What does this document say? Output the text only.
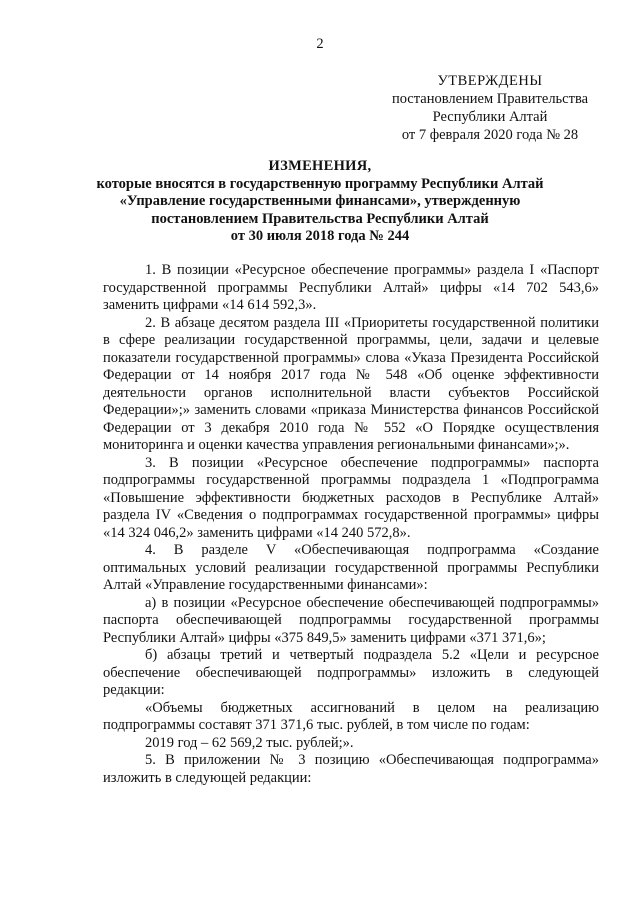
2
УТВЕРЖДЕНЫ
постановлением Правительства
Республики Алтай
от 7 февраля 2020 года № 28
ИЗМЕНЕНИЯ,
которые вносятся в государственную программу Республики Алтай
«Управление государственными финансами», утвержденную
постановлением Правительства Республики Алтай
от 30 июля 2018 года № 244

1. В позиции «Ресурсное обеспечение программы» раздела I «Паспорт государственной программы Республики Алтай» цифры «14 702 543,6» заменить цифрами «14 614 592,3».

2. В абзаце десятом раздела III «Приоритеты государственной политики в сфере реализации государственной программы, цели, задачи и целевые показатели государственной программы» слова «Указа Президента Российской Федерации от 14 ноября 2017 года № 548 «Об оценке эффективности деятельности органов исполнительной власти субъектов Российской Федерации»;» заменить словами «приказа Министерства финансов Российской Федерации от 3 декабря 2010 года № 552 «О Порядке осуществления мониторинга и оценки качества управления региональными финансами»;».

3. В позиции «Ресурсное обеспечение подпрограммы» паспорта подпрограммы государственной программы подраздела 1 «Подпрограмма «Повышение эффективности бюджетных расходов в Республике Алтай» раздела IV «Сведения о подпрограммах государственной программы» цифры «14 324 046,2» заменить цифрами «14 240 572,8».

4. В разделе V «Обеспечивающая подпрограмма «Создание оптимальных условий реализации государственной программы Республики Алтай «Управление государственными финансами»:

а) в позиции «Ресурсное обеспечение обеспечивающей подпрограммы» паспорта обеспечивающей подпрограммы государственной программы Республики Алтай» цифры «375 849,5» заменить цифрами «371 371,6»;

б) абзацы третий и четвертый подраздела 5.2 «Цели и ресурсное обеспечение обеспечивающей подпрограммы» изложить в следующей редакции:

«Объемы бюджетных ассигнований в целом на реализацию подпрограммы составят 371 371,6 тыс. рублей, в том числе по годам:

2019 год – 62 569,2 тыс. рублей;».

5. В приложении № 3 позицию «Обеспечивающая подпрограмма» изложить в следующей редакции:
